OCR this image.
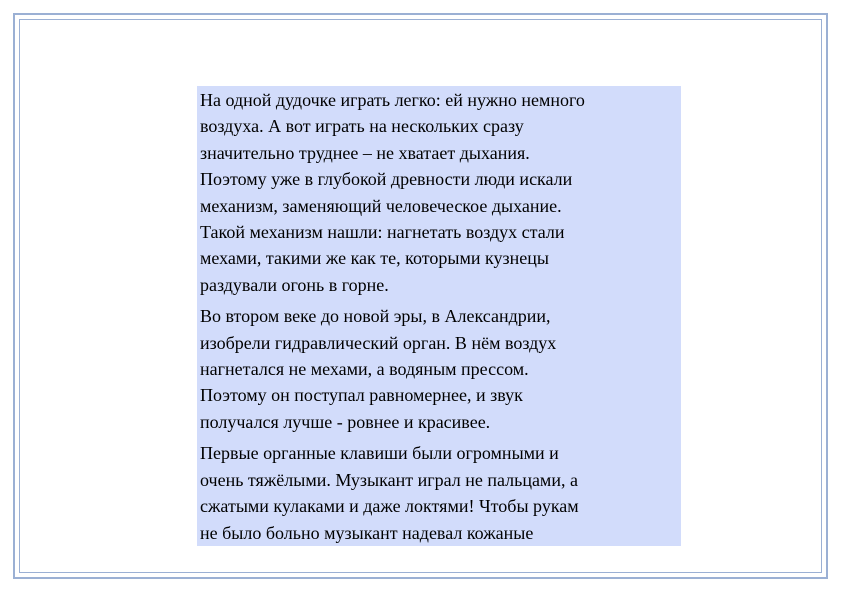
На одной дудочке играть легко: ей нужно немного
воздуха. А вот играть на нескольких сразу
значительно труднее – не хватает дыхания.
Поэтому уже в глубокой древности люди искали
механизм, заменяющий человеческое дыхание.
Такой механизм нашли: нагнетать воздух стали
мехами, такими же как те, которыми кузнецы
раздували огонь в горне.

Во втором веке до новой эры, в Александрии,
изобрели гидравлический орган. В нём воздух
нагнетался не мехами, а водяным прессом.
Поэтому он поступал равномернее, и звук
получался лучше - ровнее и красивее.

Первые органные клавиши были огромными и
очень тяжёлыми. Музыкант играл не пальцами, а
сжатыми кулаками и даже локтями! Чтобы рукам
не было больно музыкант надевал кожаные
